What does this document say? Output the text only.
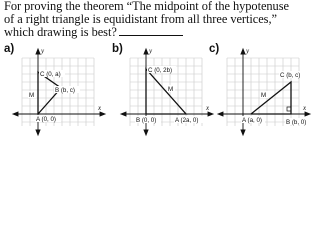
For proving the theorem “The midpoint of the hypotenuse
of a right triangle is equidistant from all three vertices,”
which drawing is best?
a)	y
x
C (0, a)
B (b, c)
M
A (0, 0)
b)	y
x
C (0, 2b)
M
B (0, 0)	A (2a, 0)
c)	y
x
C (b, c)
M
A (a, 0)	B (b, 0)
